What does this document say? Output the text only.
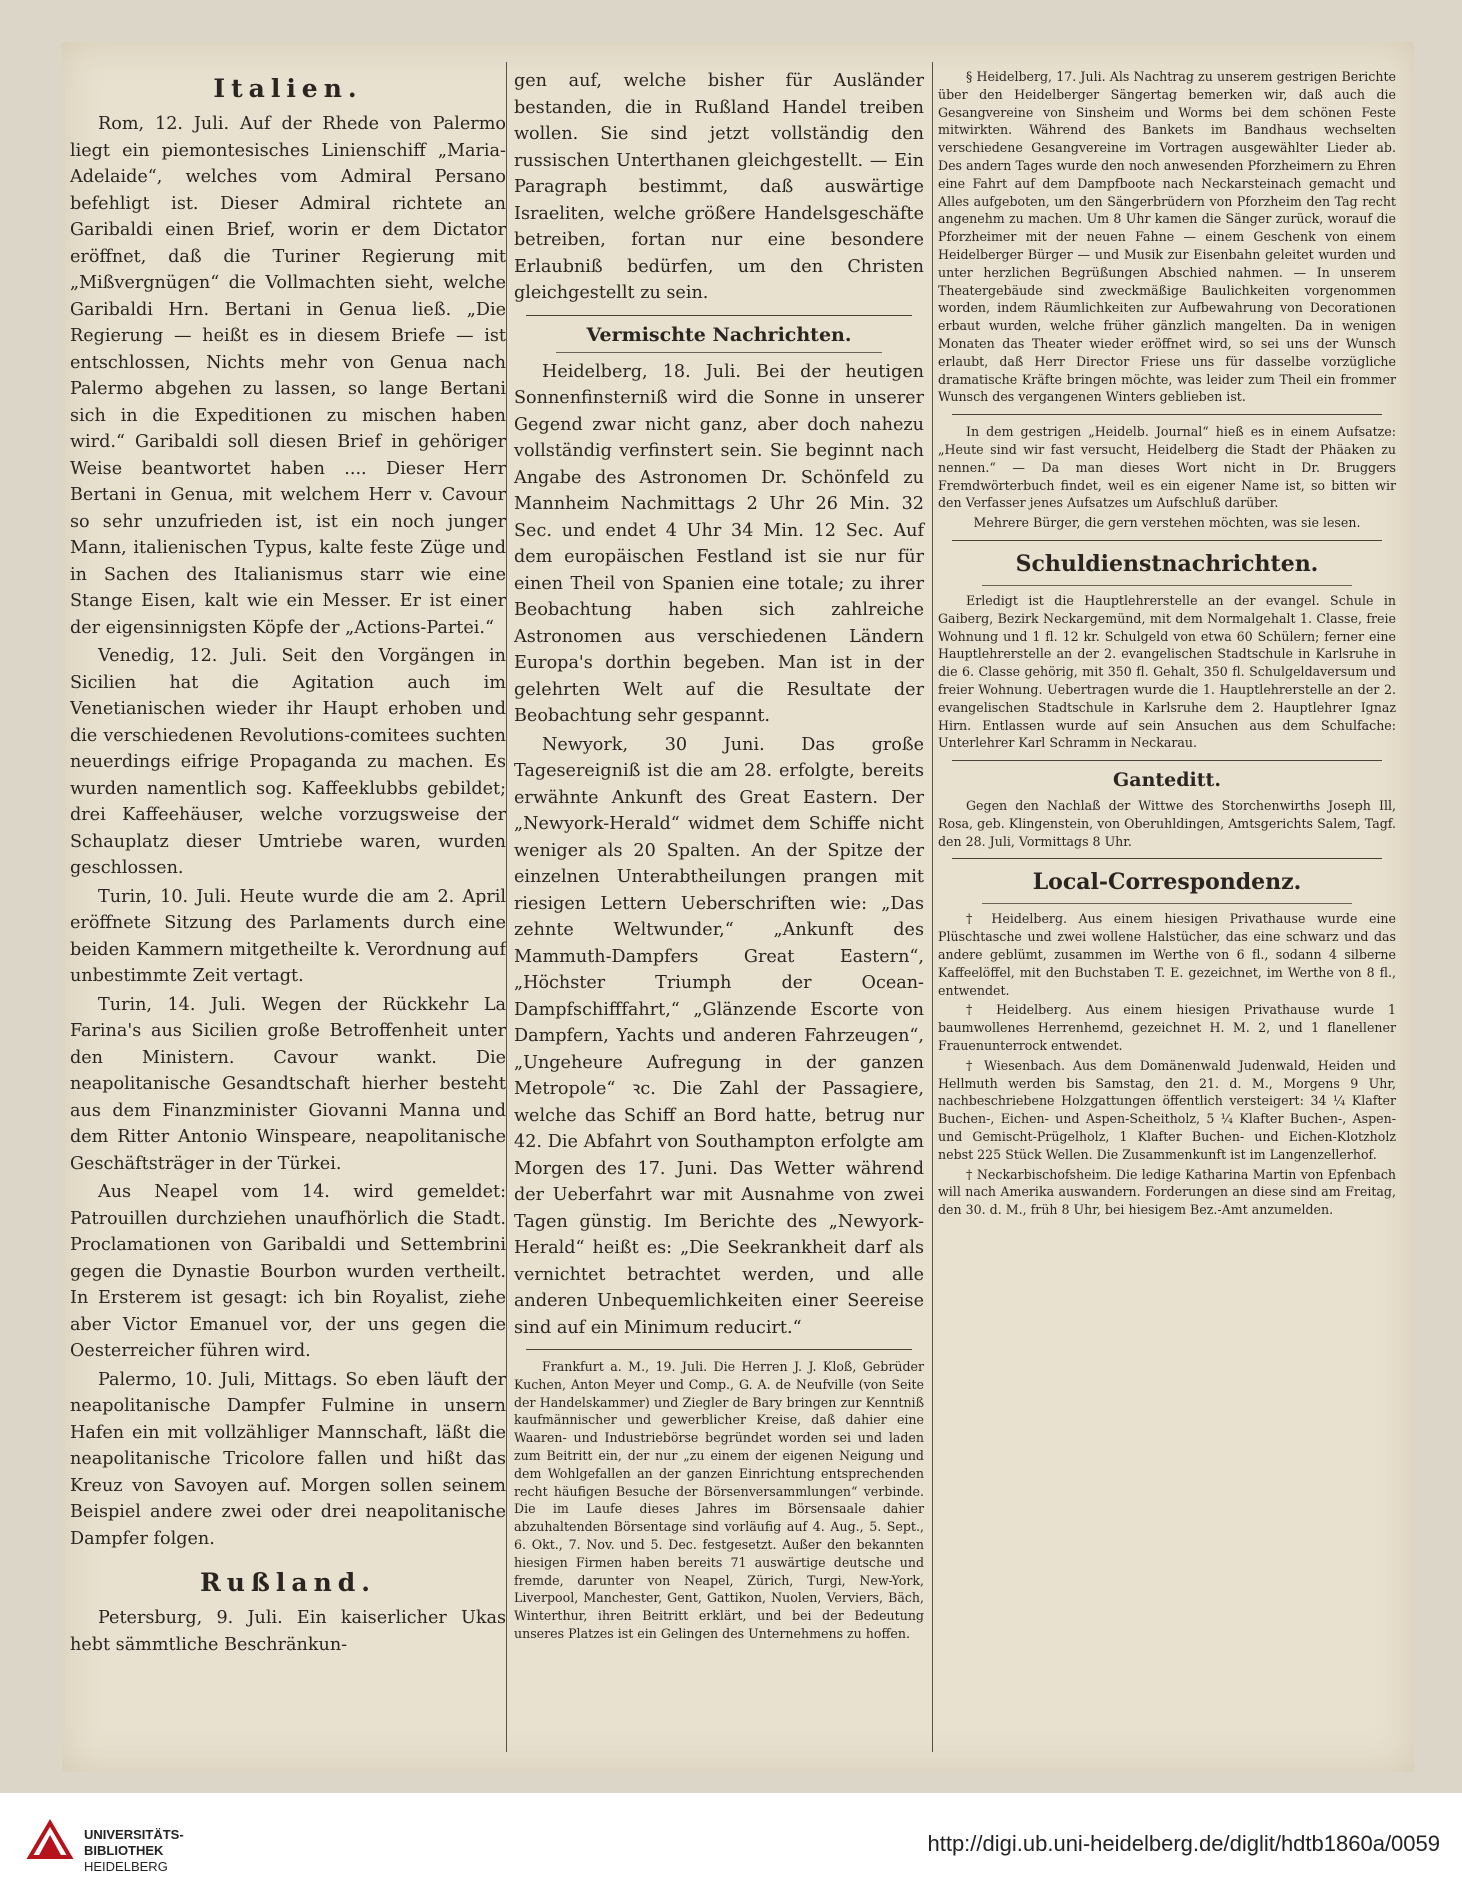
Italien.

Rom, 12. Juli. Auf der Rhede von Palermo liegt ein piemontesisches Linienschiff „Maria-Adelaide“, welches vom Admiral Persano befehligt ist. Dieser Admiral richtete an Garibaldi einen Brief, worin er dem Dictator eröffnet, daß die Turiner Regierung mit „Mißvergnügen“ die Vollmachten sieht, welche Garibaldi Hrn. Bertani in Genua ließ. „Die Regierung — heißt es in diesem Briefe — ist entschlossen, Nichts mehr von Genua nach Palermo abgehen zu lassen, so lange Bertani sich in die Expeditionen zu mischen haben wird.“ Garibaldi soll diesen Brief in gehöriger Weise beantwortet haben .... Dieser Herr Bertani in Genua, mit welchem Herr v. Cavour so sehr unzufrieden ist, ist ein noch junger Mann, italienischen Typus, kalte feste Züge und in Sachen des Italianismus starr wie eine Stange Eisen, kalt wie ein Messer. Er ist einer der eigensinnigsten Köpfe der „Actions-Partei.“

Venedig, 12. Juli. Seit den Vorgängen in Sicilien hat die Agitation auch im Venetianischen wieder ihr Haupt erhoben und die verschiedenen Revolutions-comitees suchten neuerdings eifrige Propaganda zu machen. Es wurden namentlich sog. Kaffeeklubbs gebildet; drei Kaffeehäuser, welche vorzugsweise der Schauplatz dieser Umtriebe waren, wurden geschlossen.

Turin, 10. Juli. Heute wurde die am 2. April eröffnete Sitzung des Parlaments durch eine beiden Kammern mitgetheilte k. Verordnung auf unbestimmte Zeit vertagt.

Turin, 14. Juli. Wegen der Rückkehr La Farina's aus Sicilien große Betroffenheit unter den Ministern. Cavour wankt. Die neapolitanische Gesandtschaft hierher besteht aus dem Finanzminister Giovanni Manna und dem Ritter Antonio Winspeare, neapolitanische Geschäftsträger in der Türkei.

Aus Neapel vom 14. wird gemeldet: Patrouillen durchziehen unaufhörlich die Stadt. Proclamationen von Garibaldi und Settembrini gegen die Dynastie Bourbon wurden vertheilt. In Ersterem ist gesagt: ich bin Royalist, ziehe aber Victor Emanuel vor, der uns gegen die Oesterreicher führen wird.

Palermo, 10. Juli, Mittags. So eben läuft der neapolitanische Dampfer Fulmine in unsern Hafen ein mit vollzähliger Mannschaft, läßt die neapolitanische Tricolore fallen und hißt das Kreuz von Savoyen auf. Morgen sollen seinem Beispiel andere zwei oder drei neapolitanische Dampfer folgen.

Rußland.

Petersburg, 9. Juli. Ein kaiserlicher Ukas hebt sämmtliche Beschränkun-

gen auf, welche bisher für Ausländer bestanden, die in Rußland Handel treiben wollen. Sie sind jetzt vollständig den russischen Unterthanen gleichgestellt. — Ein Paragraph bestimmt, daß auswärtige Israeliten, welche größere Handelsgeschäfte betreiben, fortan nur eine besondere Erlaubniß bedürfen, um den Christen gleichgestellt zu sein.

Vermischte Nachrichten.

Heidelberg, 18. Juli. Bei der heutigen Sonnenfinsterniß wird die Sonne in unserer Gegend zwar nicht ganz, aber doch nahezu vollständig verfinstert sein. Sie beginnt nach Angabe des Astronomen Dr. Schönfeld zu Mannheim Nachmittags 2 Uhr 26 Min. 32 Sec. und endet 4 Uhr 34 Min. 12 Sec. Auf dem europäischen Festland ist sie nur für einen Theil von Spanien eine totale; zu ihrer Beobachtung haben sich zahlreiche Astronomen aus verschiedenen Ländern Europa's dorthin begeben. Man ist in der gelehrten Welt auf die Resultate der Beobachtung sehr gespannt.

Newyork, 30 Juni. Das große Tagesereigniß ist die am 28. erfolgte, bereits erwähnte Ankunft des Great Eastern. Der „Newyork-Herald“ widmet dem Schiffe nicht weniger als 20 Spalten. An der Spitze der einzelnen Unterabtheilungen prangen mit riesigen Lettern Ueberschriften wie: „Das zehnte Weltwunder,“ „Ankunft des Mammuth-Dampfers Great Eastern“, „Höchster Triumph der Ocean-Dampfschifffahrt,“ „Glänzende Escorte von Dampfern, Yachts und anderen Fahrzeugen“, „Ungeheure Aufregung in der ganzen Metropole“ ꝛc. Die Zahl der Passagiere, welche das Schiff an Bord hatte, betrug nur 42. Die Abfahrt von Southampton erfolgte am Morgen des 17. Juni. Das Wetter während der Ueberfahrt war mit Ausnahme von zwei Tagen günstig. Im Berichte des „Newyork-Herald“ heißt es: „Die Seekrankheit darf als vernichtet betrachtet werden, und alle anderen Unbequemlichkeiten einer Seereise sind auf ein Minimum reducirt.“

Frankfurt a. M., 19. Juli. Die Herren J. J. Kloß, Gebrüder Kuchen, Anton Meyer und Comp., G. A. de Neufville (von Seite der Handelskammer) und Ziegler de Bary bringen zur Kenntniß kaufmännischer und gewerblicher Kreise, daß dahier eine Waaren- und Industriebörse begründet worden sei und laden zum Beitritt ein, der nur „zu einem der eigenen Neigung und dem Wohlgefallen an der ganzen Einrichtung entsprechenden recht häufigen Besuche der Börsenversammlungen“ verbinde. Die im Laufe dieses Jahres im Börsensaale dahier abzuhaltenden Börsentage sind vorläufig auf 4. Aug., 5. Sept., 6. Okt., 7. Nov. und 5. Dec. festgesetzt. Außer den bekannten hiesigen Firmen haben bereits 71 auswärtige deutsche und fremde, darunter von Neapel, Zürich, Turgi, New-York, Liverpool, Manchester, Gent, Gattikon, Nuolen, Verviers, Bäch, Winterthur, ihren Beitritt erklärt, und bei der Bedeutung unseres Platzes ist ein Gelingen des Unternehmens zu hoffen.

§ Heidelberg, 17. Juli. Als Nachtrag zu unserem gestrigen Berichte über den Heidelberger Sängertag bemerken wir, daß auch die Gesangvereine von Sinsheim und Worms bei dem schönen Feste mitwirkten. Während des Bankets im Bandhaus wechselten verschiedene Gesangvereine im Vortragen ausgewählter Lieder ab. Des andern Tages wurde den noch anwesenden Pforzheimern zu Ehren eine Fahrt auf dem Dampfboote nach Neckarsteinach gemacht und Alles aufgeboten, um den Sängerbrüdern von Pforzheim den Tag recht angenehm zu machen. Um 8 Uhr kamen die Sänger zurück, worauf die Pforzheimer mit der neuen Fahne — einem Geschenk von einem Heidelberger Bürger — und Musik zur Eisenbahn geleitet wurden und unter herzlichen Begrüßungen Abschied nahmen. — In unserem Theatergebäude sind zweckmäßige Baulichkeiten vorgenommen worden, indem Räumlichkeiten zur Aufbewahrung von Decorationen erbaut wurden, welche früher gänzlich mangelten. Da in wenigen Monaten das Theater wieder eröffnet wird, so sei uns der Wunsch erlaubt, daß Herr Director Friese uns für dasselbe vorzügliche dramatische Kräfte bringen möchte, was leider zum Theil ein frommer Wunsch des vergangenen Winters geblieben ist.

In dem gestrigen „Heidelb. Journal“ hieß es in einem Aufsatze: „Heute sind wir fast versucht, Heidelberg die Stadt der Phäaken zu nennen.“ — Da man dieses Wort nicht in Dr. Bruggers Fremdwörterbuch findet, weil es ein eigener Name ist, so bitten wir den Verfasser jenes Aufsatzes um Aufschluß darüber.

Mehrere Bürger, die gern verstehen möchten, was sie lesen.

Schuldienstnachrichten.

Erledigt ist die Hauptlehrerstelle an der evangel. Schule in Gaiberg, Bezirk Neckargemünd, mit dem Normalgehalt 1. Classe, freie Wohnung und 1 fl. 12 kr. Schulgeld von etwa 60 Schülern; ferner eine Hauptlehrerstelle an der 2. evangelischen Stadtschule in Karlsruhe in die 6. Classe gehörig, mit 350 fl. Gehalt, 350 fl. Schulgeldaversum und freier Wohnung. Uebertragen wurde die 1. Hauptlehrerstelle an der 2. evangelischen Stadtschule in Karlsruhe dem 2. Hauptlehrer Ignaz Hirn. Entlassen wurde auf sein Ansuchen aus dem Schulfache: Unterlehrer Karl Schramm in Neckarau.

Ganteditt.

Gegen den Nachlaß der Wittwe des Storchenwirths Joseph Ill, Rosa, geb. Klingenstein, von Oberuhldingen, Amtsgerichts Salem, Tagf. den 28. Juli, Vormittags 8 Uhr.

Local-Correspondenz.

† Heidelberg. Aus einem hiesigen Privathause wurde eine Plüschtasche und zwei wollene Halstücher, das eine schwarz und das andere geblümt, zusammen im Werthe von 6 fl., sodann 4 silberne Kaffeelöffel, mit den Buchstaben T. E. gezeichnet, im Werthe von 8 fl., entwendet.

† Heidelberg. Aus einem hiesigen Privathause wurde 1 baumwollenes Herrenhemd, gezeichnet H. M. 2, und 1 flanellener Frauenunterrock entwendet.

† Wiesenbach. Aus dem Domänenwald Judenwald, Heiden und Hellmuth werden bis Samstag, den 21. d. M., Morgens 9 Uhr, nachbeschriebene Holzgattungen öffentlich versteigert: 34 ¼ Klafter Buchen-, Eichen- und Aspen-Scheitholz, 5 ¼ Klafter Buchen-, Aspen- und Gemischt-Prügelholz, 1 Klafter Buchen- und Eichen-Klotzholz nebst 225 Stück Wellen. Die Zusammenkunft ist im Langenzellerhof.

† Neckarbischofsheim. Die ledige Katharina Martin von Epfenbach will nach Amerika auswandern. Forderungen an diese sind am Freitag, den 30. d. M., früh 8 Uhr, bei hiesigem Bez.-Amt anzumelden.

UNIVERSITÄTS-
BIBLIOTHEK
HEIDELBERG
http://digi.ub.uni-heidelberg.de/diglit/hdtb1860a/0059
